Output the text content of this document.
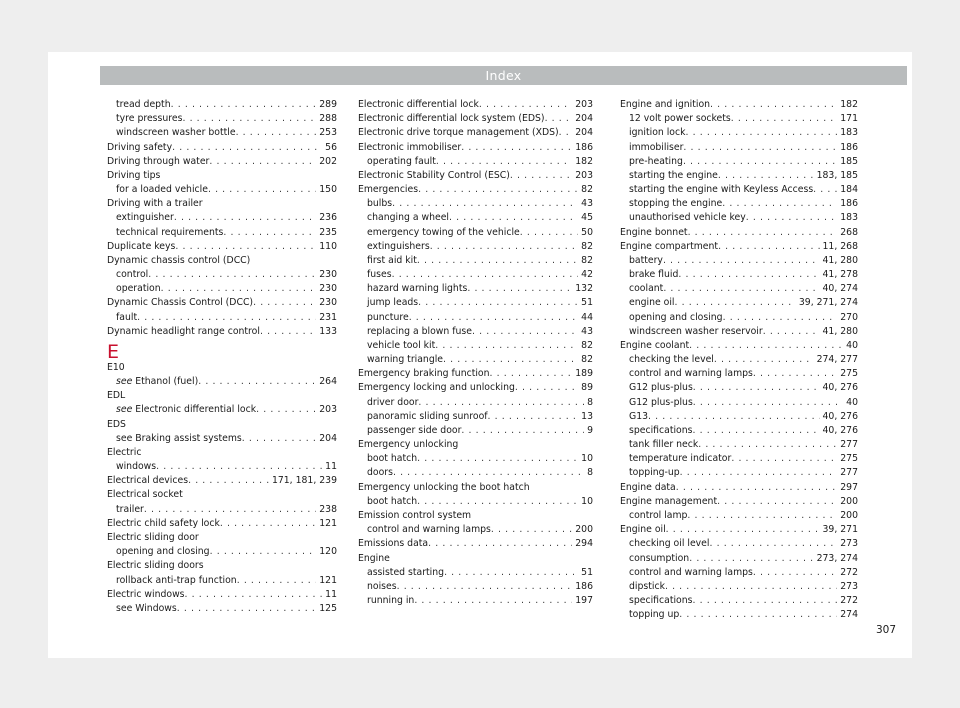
Index
tread depth . . .	289
tyre pressures . . .	288
windscreen washer bottle . . .	253
Driving safety . . .	56
Driving through water . . .	202
Driving tips
for a loaded vehicle . . .	150
Driving with a trailer
extinguisher . . .	236
technical requirements . . .	235
Duplicate keys . . .	110
Dynamic chassis control (DCC)
control . . .	230
operation . . .	230
Dynamic Chassis Control (DCC) . . .	230
fault . . .	231
Dynamic headlight range control . . .	133
E
E10
see Ethanol (fuel) . . .	264
EDL
see Electronic differential lock . . .	203
EDS
see Braking assist systems . . .	204
Electric
windows . . .	11
Electrical devices . . .	171, 181, 239
Electrical socket
trailer . . .	238
Electric child safety lock . . .	121
Electric sliding door
opening and closing . . .	120
Electric sliding doors
rollback anti-trap function . . .	121
Electric windows . . .	11
see Windows . . .	125
Electronic differential lock . . .	203
Electronic differential lock system (EDS) . . .	204
Electronic drive torque management (XDS) . . .	204
Electronic immobiliser . . .	186
operating fault . . .	182
Electronic Stability Control (ESC) . . .	203
Emergencies . . .	82
bulbs . . .	43
changing a wheel . . .	45
emergency towing of the vehicle . . .	50
extinguishers . . .	82
first aid kit . . .	82
fuses . . .	42
hazard warning lights . . .	132
jump leads . . .	51
puncture . . .	44
replacing a blown fuse . . .	43
vehicle tool kit . . .	82
warning triangle . . .	82
Emergency braking function . . .	189
Emergency locking and unlocking . . .	89
driver door . . .	8
panoramic sliding sunroof . . .	13
passenger side door . . .	9
Emergency unlocking
boot hatch . . .	10
doors . . .	8
Emergency unlocking the boot hatch
boot hatch . . .	10
Emission control system
control and warning lamps . . .	200
Emissions data . . .	294
Engine
assisted starting . . .	51
noises . . .	186
running in . . .	197
Engine and ignition . . .	182
12 volt power sockets . . .	171
ignition lock . . .	183
immobiliser . . .	186
pre-heating . . .	185
starting the engine . . .	183, 185
starting the engine with Keyless Access . . .	184
stopping the engine . . .	186
unauthorised vehicle key . . .	183
Engine bonnet . . .	268
Engine compartment . . .	11, 268
battery . . .	41, 280
brake fluid . . .	41, 278
coolant . . .	40, 274
engine oil . . .	39, 271, 274
opening and closing . . .	270
windscreen washer reservoir . . .	41, 280
Engine coolant . . .	40
checking the level . . .	274, 277
control and warning lamps . . .	275
G12 plus-plus . . .	40, 276
G12 plus-plus . . .	40
G13 . . .	40, 276
specifications . . .	40, 276
tank filler neck . . .	277
temperature indicator . . .	275
topping-up . . .	277
Engine data . . .	297
Engine management . . .	200
control lamp . . .	200
Engine oil . . .	39, 271
checking oil level . . .	273
consumption . . .	273, 274
control and warning lamps . . .	272
dipstick . . .	273
specifications . . .	272
topping up . . .	274
307
